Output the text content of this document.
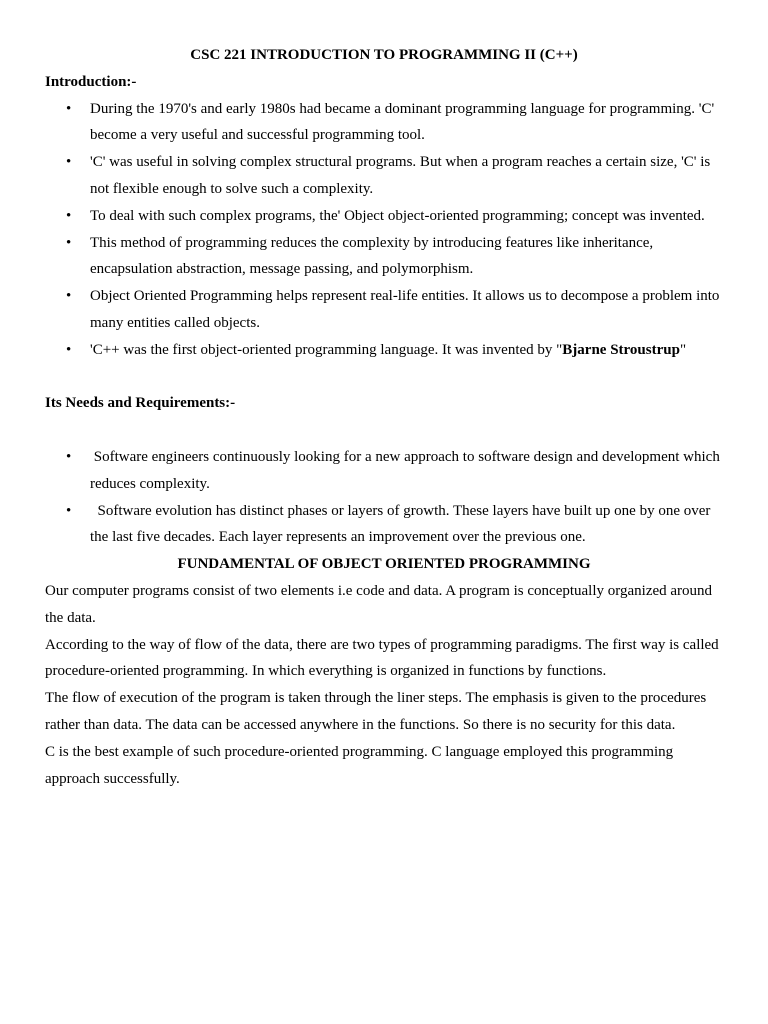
CSC 221 INTRODUCTION TO PROGRAMMING II (C++)

Introduction:-

• During the 1970's and early 1980s had became a dominant programming language for programming. 'C' become a very useful and successful programming tool.
• 'C' was useful in solving complex structural programs. But when a program reaches a certain size, 'C' is not flexible enough to solve such a complexity.
• To deal with such complex programs, the' Object object-oriented programming; concept was invented.
• This method of programming reduces the complexity by introducing features like inheritance, encapsulation abstraction, message passing, and polymorphism.
• Object Oriented Programming helps represent real-life entities. It allows us to decompose a problem into many entities called objects.
• 'C++ was the first object-oriented programming language. It was invented by "Bjarne Stroustrup"

Its Needs and Requirements:-

• Software engineers continuously looking for a new approach to software design and development which reduces complexity.
• Software evolution has distinct phases or layers of growth. These layers have built up one by one over the last five decades. Each layer represents an improvement over the previous one.

FUNDAMENTAL OF OBJECT ORIENTED PROGRAMMING

Our computer programs consist of two elements i.e code and data. A program is conceptually organized around the data.

According to the way of flow of the data, there are two types of programming paradigms. The first way is called procedure-oriented programming. In which everything is organized in functions by functions.

The flow of execution of the program is taken through the liner steps. The emphasis is given to the procedures rather than data. The data can be accessed anywhere in the functions. So there is no security for this data.

C is the best example of such procedure-oriented programming. C language employed this programming approach successfully.
